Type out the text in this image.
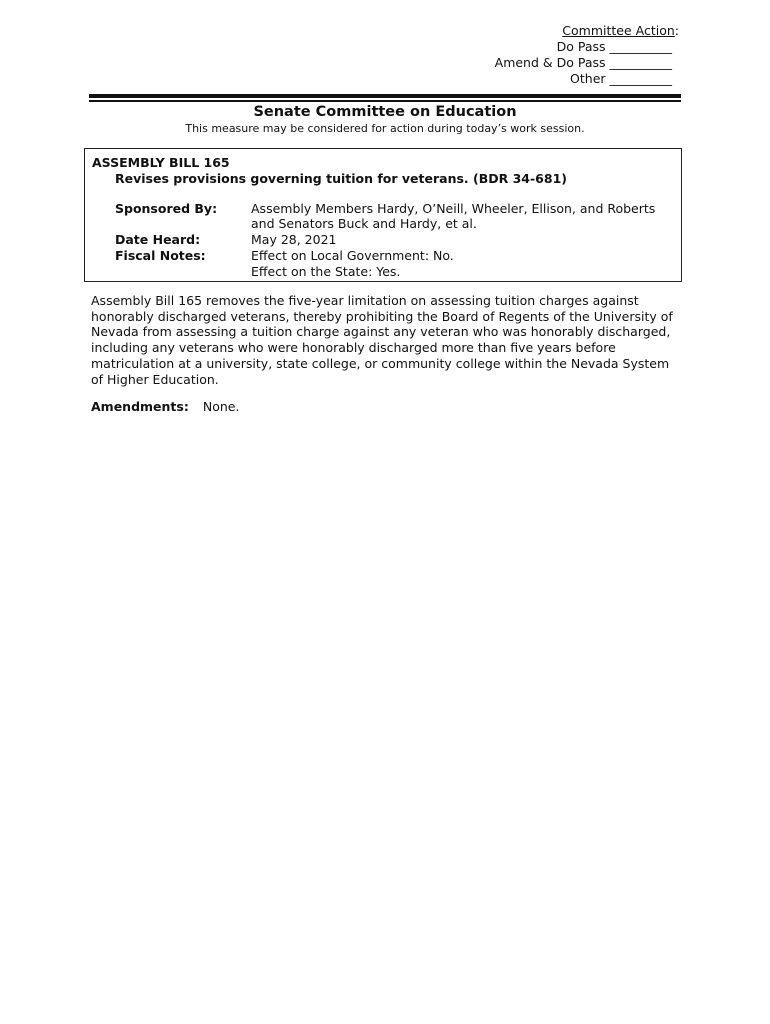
Committee Action:
Do Pass __________
Amend & Do Pass __________
Other __________
Senate Committee on Education
This measure may be considered for action during today’s work session.
ASSEMBLY BILL 165
Revises provisions governing tuition for veterans. (BDR 34-681)
Sponsored By:	Assembly Members Hardy, O’Neill, Wheeler, Ellison, and Roberts
and Senators Buck and Hardy, et al.
Date Heard:	May 28, 2021
Fiscal Notes:	Effect on Local Government: No.
Effect on the State: Yes.
Assembly Bill 165 removes the five-year limitation on assessing tuition charges against honorably discharged veterans, thereby prohibiting the Board of Regents of the University of Nevada from assessing a tuition charge against any veteran who was honorably discharged, including any veterans who were honorably discharged more than five years before matriculation at a university, state college, or community college within the Nevada System of Higher Education.
Amendments: None.
